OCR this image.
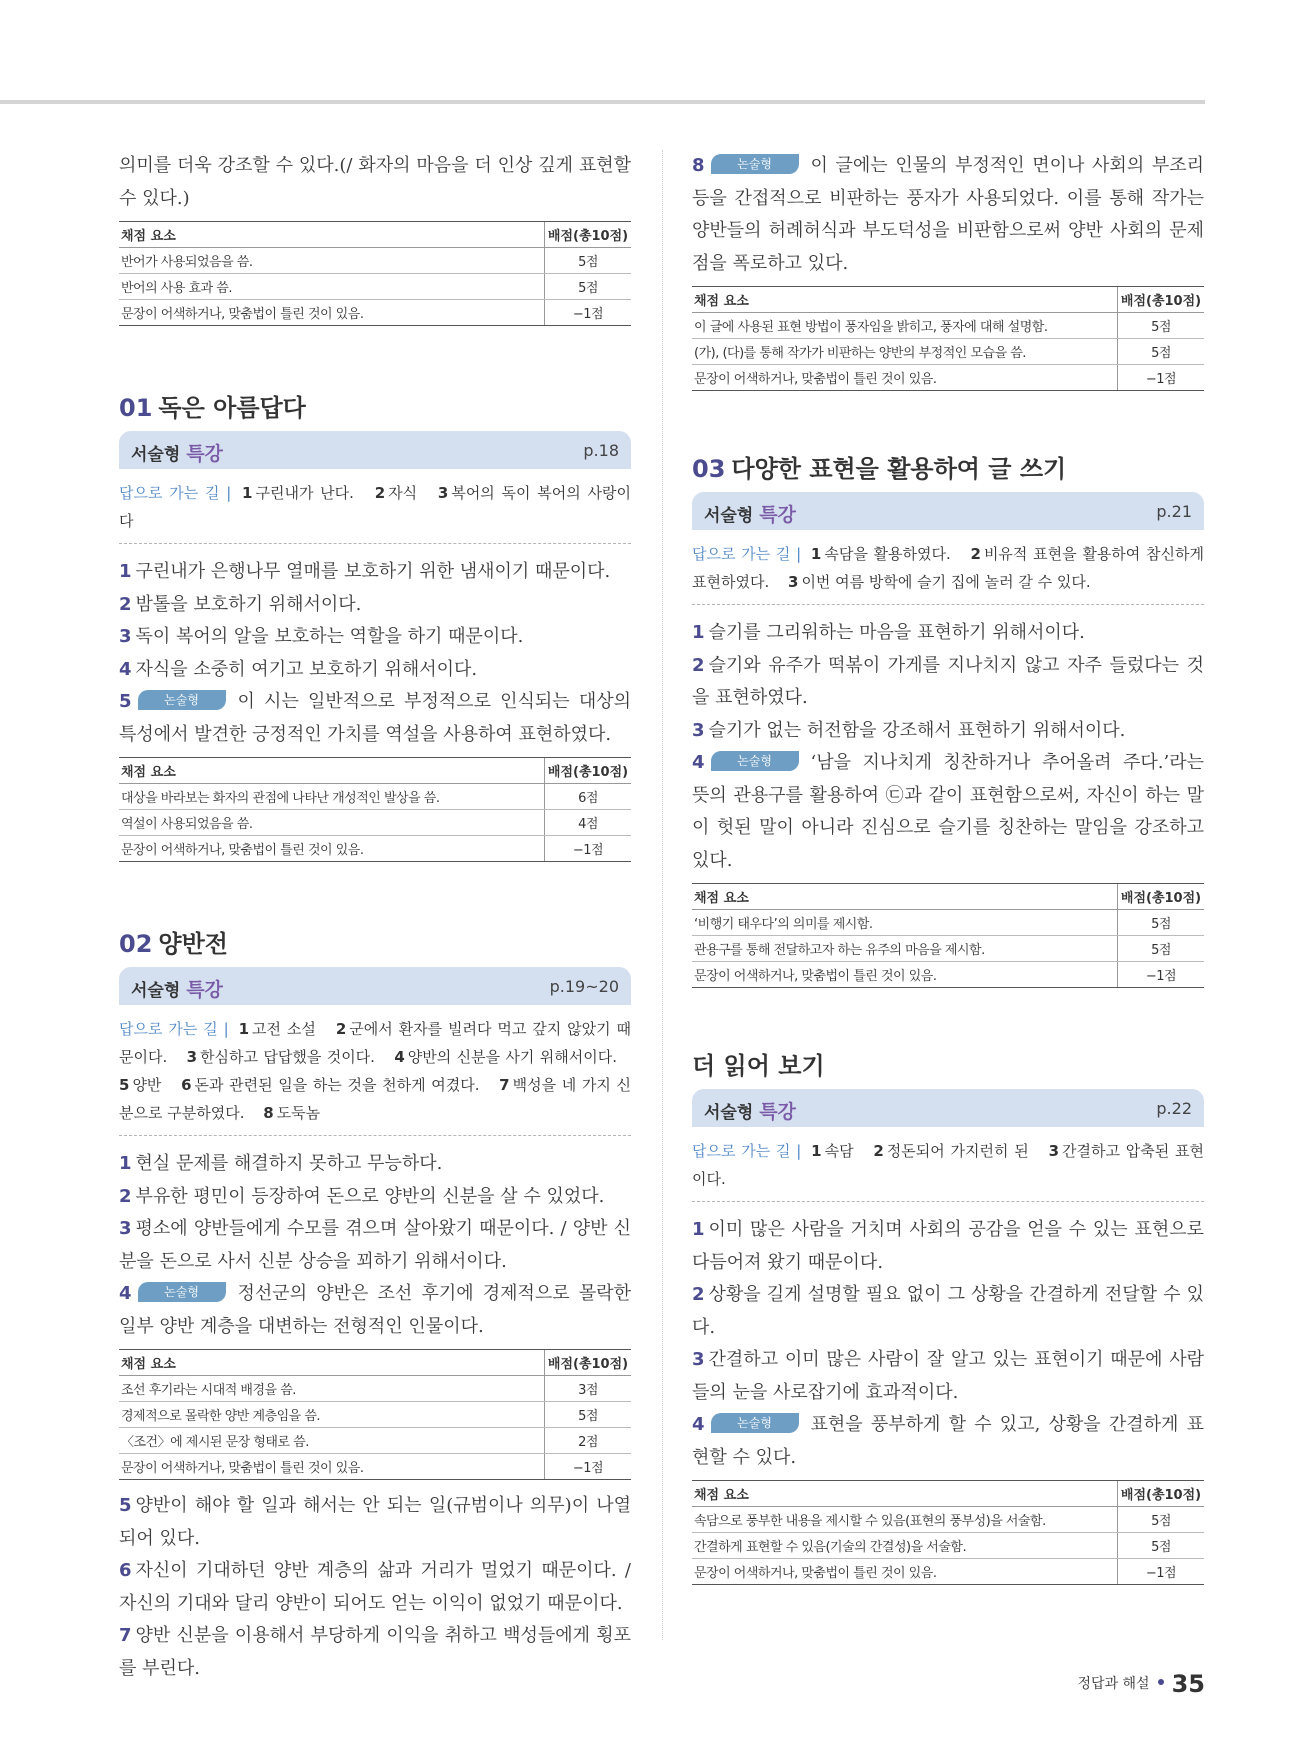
의미를 더욱 강조할 수 있다.(/ 화자의 마음을 더 인상 깊게 표현할 수 있다.)

채점 요소	배점(총10점)
반어가 사용되었음을 씀.	5점
반어의 사용 효과 씀.	5점
문장이 어색하거나, 맞춤법이 틀린 것이 있음.	−1점
01 독은 아름답다
서술형 특강	p.18
답으로 가는 길 | 1 구린내가 난다. 2 자식 3 복어의 독이 복어의 사랑이다

1 구린내가 은행나무 열매를 보호하기 위한 냄새이기 때문이다.

2 밤톨을 보호하기 위해서이다.

3 독이 복어의 알을 보호하는 역할을 하기 때문이다.

4 자식을 소중히 여기고 보호하기 위해서이다.

5	논술형 이 시는 일반적으로 부정적으로 인식되는 대상의 특성에서 발견한 긍정적인 가치를 역설을 사용하여 표현하였다.

채점 요소	배점(총10점)
대상을 바라보는 화자의 관점에 나타난 개성적인 발상을 씀.	6점
역설이 사용되었음을 씀.	4점
문장이 어색하거나, 맞춤법이 틀린 것이 있음.	−1점
02 양반전
서술형 특강	p.19~20
답으로 가는 길 | 1 고전 소설 2 군에서 환자를 빌려다 먹고 갚지 않았기 때문이다. 3 한심하고 답답했을 것이다. 4 양반의 신분을 사기 위해서이다. 5 양반 6 돈과 관련된 일을 하는 것을 천하게 여겼다. 7 백성을 네 가지 신분으로 구분하였다. 8 도둑놈

1 현실 문제를 해결하지 못하고 무능하다.

2 부유한 평민이 등장하여 돈으로 양반의 신분을 살 수 있었다.

3 평소에 양반들에게 수모를 겪으며 살아왔기 때문이다. / 양반 신분을 돈으로 사서 신분 상승을 꾀하기 위해서이다.

4	논술형 정선군의 양반은 조선 후기에 경제적으로 몰락한 일부 양반 계층을 대변하는 전형적인 인물이다.

채점 요소	배점(총10점)
조선 후기라는 시대적 배경을 씀.	3점
경제적으로 몰락한 양반 계층임을 씀.	5점
〈조건〉에 제시된 문장 형태로 씀.	2점
문장이 어색하거나, 맞춤법이 틀린 것이 있음.	−1점

5 양반이 해야 할 일과 해서는 안 되는 일(규범이나 의무)이 나열되어 있다.

6 자신이 기대하던 양반 계층의 삶과 거리가 멀었기 때문이다. / 자신의 기대와 달리 양반이 되어도 얻는 이익이 없었기 때문이다.

7 양반 신분을 이용해서 부당하게 이익을 취하고 백성들에게 횡포를 부린다.

8	논술형 이 글에는 인물의 부정적인 면이나 사회의 부조리 등을 간접적으로 비판하는 풍자가 사용되었다. 이를 통해 작가는 양반들의 허례허식과 부도덕성을 비판함으로써 양반 사회의 문제점을 폭로하고 있다.

채점 요소	배점(총10점)
이 글에 사용된 표현 방법이 풍자임을 밝히고, 풍자에 대해 설명함.	5점
(가), (다)를 통해 작가가 비판하는 양반의 부정적인 모습을 씀.	5점
문장이 어색하거나, 맞춤법이 틀린 것이 있음.	−1점
03 다양한 표현을 활용하여 글 쓰기
서술형 특강	p.21
답으로 가는 길 | 1 속담을 활용하였다. 2 비유적 표현을 활용하여 참신하게 표현하였다. 3 이번 여름 방학에 슬기 집에 놀러 갈 수 있다.

1 슬기를 그리워하는 마음을 표현하기 위해서이다.

2 슬기와 유주가 떡볶이 가게를 지나치지 않고 자주 들렀다는 것을 표현하였다.

3 슬기가 없는 허전함을 강조해서 표현하기 위해서이다.

4	논술형 ‘남을 지나치게 칭찬하거나 추어올려 주다.’라는 뜻의 관용구를 활용하여 ㉢과 같이 표현함으로써, 자신이 하는 말이 헛된 말이 아니라 진심으로 슬기를 칭찬하는 말임을 강조하고 있다.

채점 요소	배점(총10점)
‘비행기 태우다’의 의미를 제시함.	5점
관용구를 통해 전달하고자 하는 유주의 마음을 제시함.	5점
문장이 어색하거나, 맞춤법이 틀린 것이 있음.	−1점
더 읽어 보기
서술형 특강	p.22
답으로 가는 길 | 1 속담 2 정돈되어 가지런히 된 3 간결하고 압축된 표현이다.

1 이미 많은 사람을 거치며 사회의 공감을 얻을 수 있는 표현으로 다듬어져 왔기 때문이다.

2 상황을 길게 설명할 필요 없이 그 상황을 간결하게 전달할 수 있다.

3 간결하고 이미 많은 사람이 잘 알고 있는 표현이기 때문에 사람들의 눈을 사로잡기에 효과적이다.

4	논술형 표현을 풍부하게 할 수 있고, 상황을 간결하게 표현할 수 있다.

채점 요소	배점(총10점)
속담으로 풍부한 내용을 제시할 수 있음(표현의 풍부성)을 서술함.	5점
간결하게 표현할 수 있음(기술의 간결성)을 서술함.	5점
문장이 어색하거나, 맞춤법이 틀린 것이 있음.	−1점
정답과 해설 35
